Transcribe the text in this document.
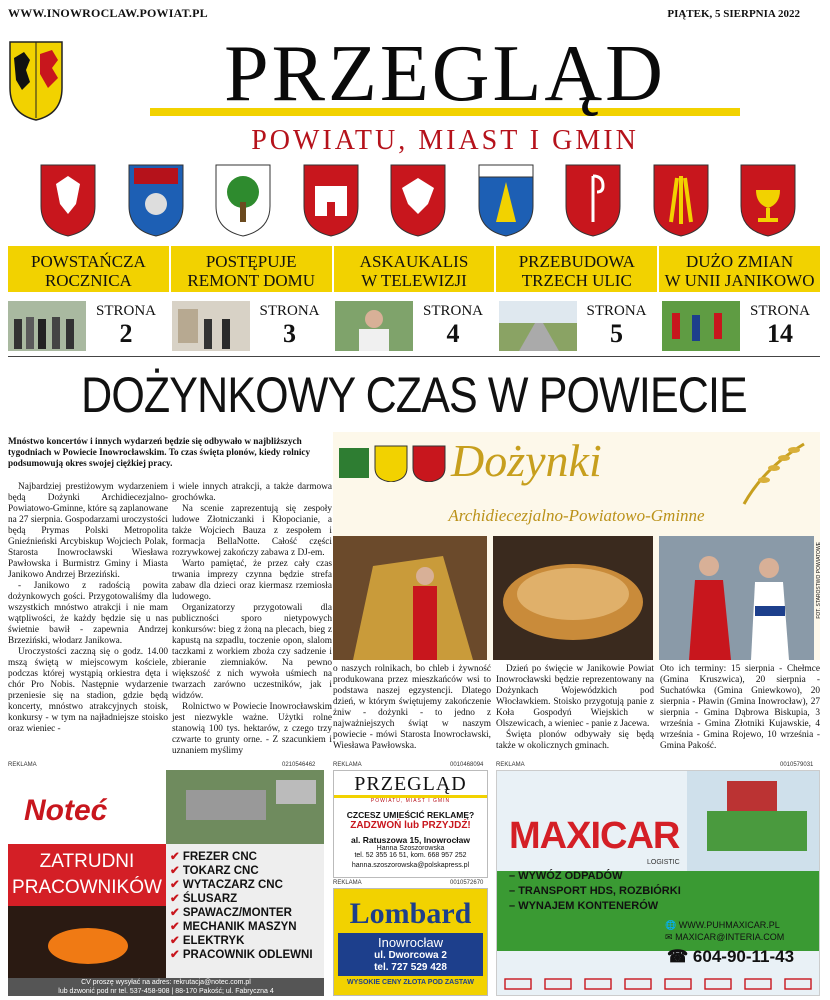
WWW.INOWROCLAW.POWIAT.PL	PIĄTEK, 5 SIERPNIA 2022
PRZEGLĄD
POWIATU, MIAST I GMIN
POWSTAŃCZA
ROCZNICA
POSTĘPUJE
REMONT DOMU
ASKAUKALIS
W TELEWIZJI
PRZEBUDOWA
TRZECH ULIC
DUŻO ZMIAN
W UNII JANIKOWO
STRONA
2
STRONA
3
STRONA
4
STRONA
5
STRONA
14
DOŻYNKOWY CZAS W POWIECIE
Mnóstwo koncertów i innych wydarzeń będzie się odbywało w najbliższych tygodniach w Powiecie Inowrocławskim. To czas święta plonów, kiedy rolnicy podsumowują okres swojej ciężkiej pracy.

Najbardziej prestiżowym wydarzeniem będą Dożynki Archidiecezjalno-Powiatowo-Gminne, które są zaplanowane na 27 sierpnia. Gospodarzami uroczystości będą Prymas Polski Metropolita Gnieźnieński Arcybiskup Wojciech Polak, Starosta Inowrocławski Wiesława Pawłowska i Burmistrz Gminy i Miasta Janikowo Andrzej Brzeziński.

- Janikowo z radością powita dożynkowych gości. Przygotowaliśmy dla wszystkich mnóstwo atrakcji i nie mam wątpliwości, że każdy będzie się u nas świetnie bawił - zapewnia Andrzej Brzeziński, włodarz Janikowa.

Uroczystości zaczną się o godz. 14.00 mszą świętą w miejscowym kościele, podczas której wystąpią orkiestra dęta i chór Pro Nobis. Następnie wydarzenie przeniesie się na stadion, gdzie będą koncerty, mnóstwo atrakcyjnych stoisk, konkursy - w tym na najładniejsze stoisko oraz wieniec -

i wiele innych atrakcji, a także darmowa grochówka.

Na scenie zaprezentują się zespoły ludowe Złotniczanki i Kłopocianie, a także Wojciech Bauza z zespołem i formacja BellaNotte. Całość części rozrywkowej zakończy zabawa z DJ-em.

Warto pamiętać, że przez cały czas trwania imprezy czynna będzie strefa zabaw dla dzieci oraz kiermasz rzemiosła ludowego.

Organizatorzy przygotowali dla publiczności sporo nietypowych konkursów: bieg z żoną na plecach, bieg z kapustą na szpadlu, toczenie opon, slalom taczkami z workiem zboża czy sadzenie i zbieranie ziemniaków. Na pewno większość z nich wywoła uśmiech na twarzach zarówno uczestników, jak i widzów.

Rolnictwo w Powiecie Inowrocławskim jest niezwykle ważne. Użytki rolne stanowią 100 tys. hektarów, z czego trzy czwarte to grunty orne. - Z szacunkiem i uznaniem myślimy

Dożynki
Archidiecezjalno-Powiatowo-Gminne
FOT. STAROSTWO POWIATOWE

o naszych rolnikach, bo chleb i żywność produkowana przez mieszkańców wsi to podstawa naszej egzystencji. Dlatego dzień, w którym świętujemy zakończenie żniw - dożynki - to jedno z najważniejszych świąt w naszym powiecie - mówi Starosta Inowrocławski, Wiesława Pawłowska.

Dzień po święcie w Janikowie Powiat Inowrocławski będzie reprezentowany na Dożynkach Wojewódzkich pod Włocławkiem. Stoisko przygotują panie z Koła Gospodyń Wiejskich w Olszewicach, a wieniec - panie z Jacewa.

Święta plonów odbywały się będą także w okolicznych gminach.

Oto ich terminy: 15 sierpnia - Chełmce (Gmina Kruszwica), 20 sierpnia - Suchatówka (Gmina Gniewkowo), 20 sierpnia - Pławin (Gmina Inowrocław), 27 sierpnia - Gmina Dąbrowa Biskupia, 3 września - Gmina Złotniki Kujawskie, 4 września - Gmina Rojewo, 10 września - Gmina Pakość.

REKLAMA	0210546462	REKLAMA	0010468094 REKLAMA	0010579031
REKLAMA	0010572670
Noteć
ZATRUDNI
PRACOWNIKÓW
✔ FREZER CNC
✔ TOKARZ CNC
✔ WYTACZARZ CNC
✔ ŚLUSARZ
✔ SPAWACZ/MONTER
✔ MECHANIK MASZYN
✔ ELEKTRYK
✔ PRACOWNIK ODLEWNI
CV proszę wysyłać na adres: rekrutacja@notec.com.pl
lub dzwonić pod nr tel. 537-458-908 | 88-170 Pakość; ul. Fabryczna 4
PRZEGLĄD
POWIATU, MIAST I GMIN
CZCESZ UMIEŚCIĆ REKLAMĘ?
ZADZWOŃ lub PRZYJDŹ!
al. Ratuszowa 15, Inowrocław
Hanna Szoszorowska
tel. 52 355 16 51, kom. 668 957 252
hanna.szoszorowska@polskapress.pl
Lombard
Inowrocław
ul. Dworcowa 2
tel. 727 529 428
WYSOKIE CENY ZŁOTA POD ZASTAW
MAXICAR
LOGISTIC
– WYWÓZ ODPADÓW
– TRANSPORT HDS, ROZBIÓRKI
– WYNAJEM KONTENERÓW
🌐 WWW.PUHMAXICAR.PL
✉ MAXICAR@INTERIA.COM
☎ 604-90-11-43
